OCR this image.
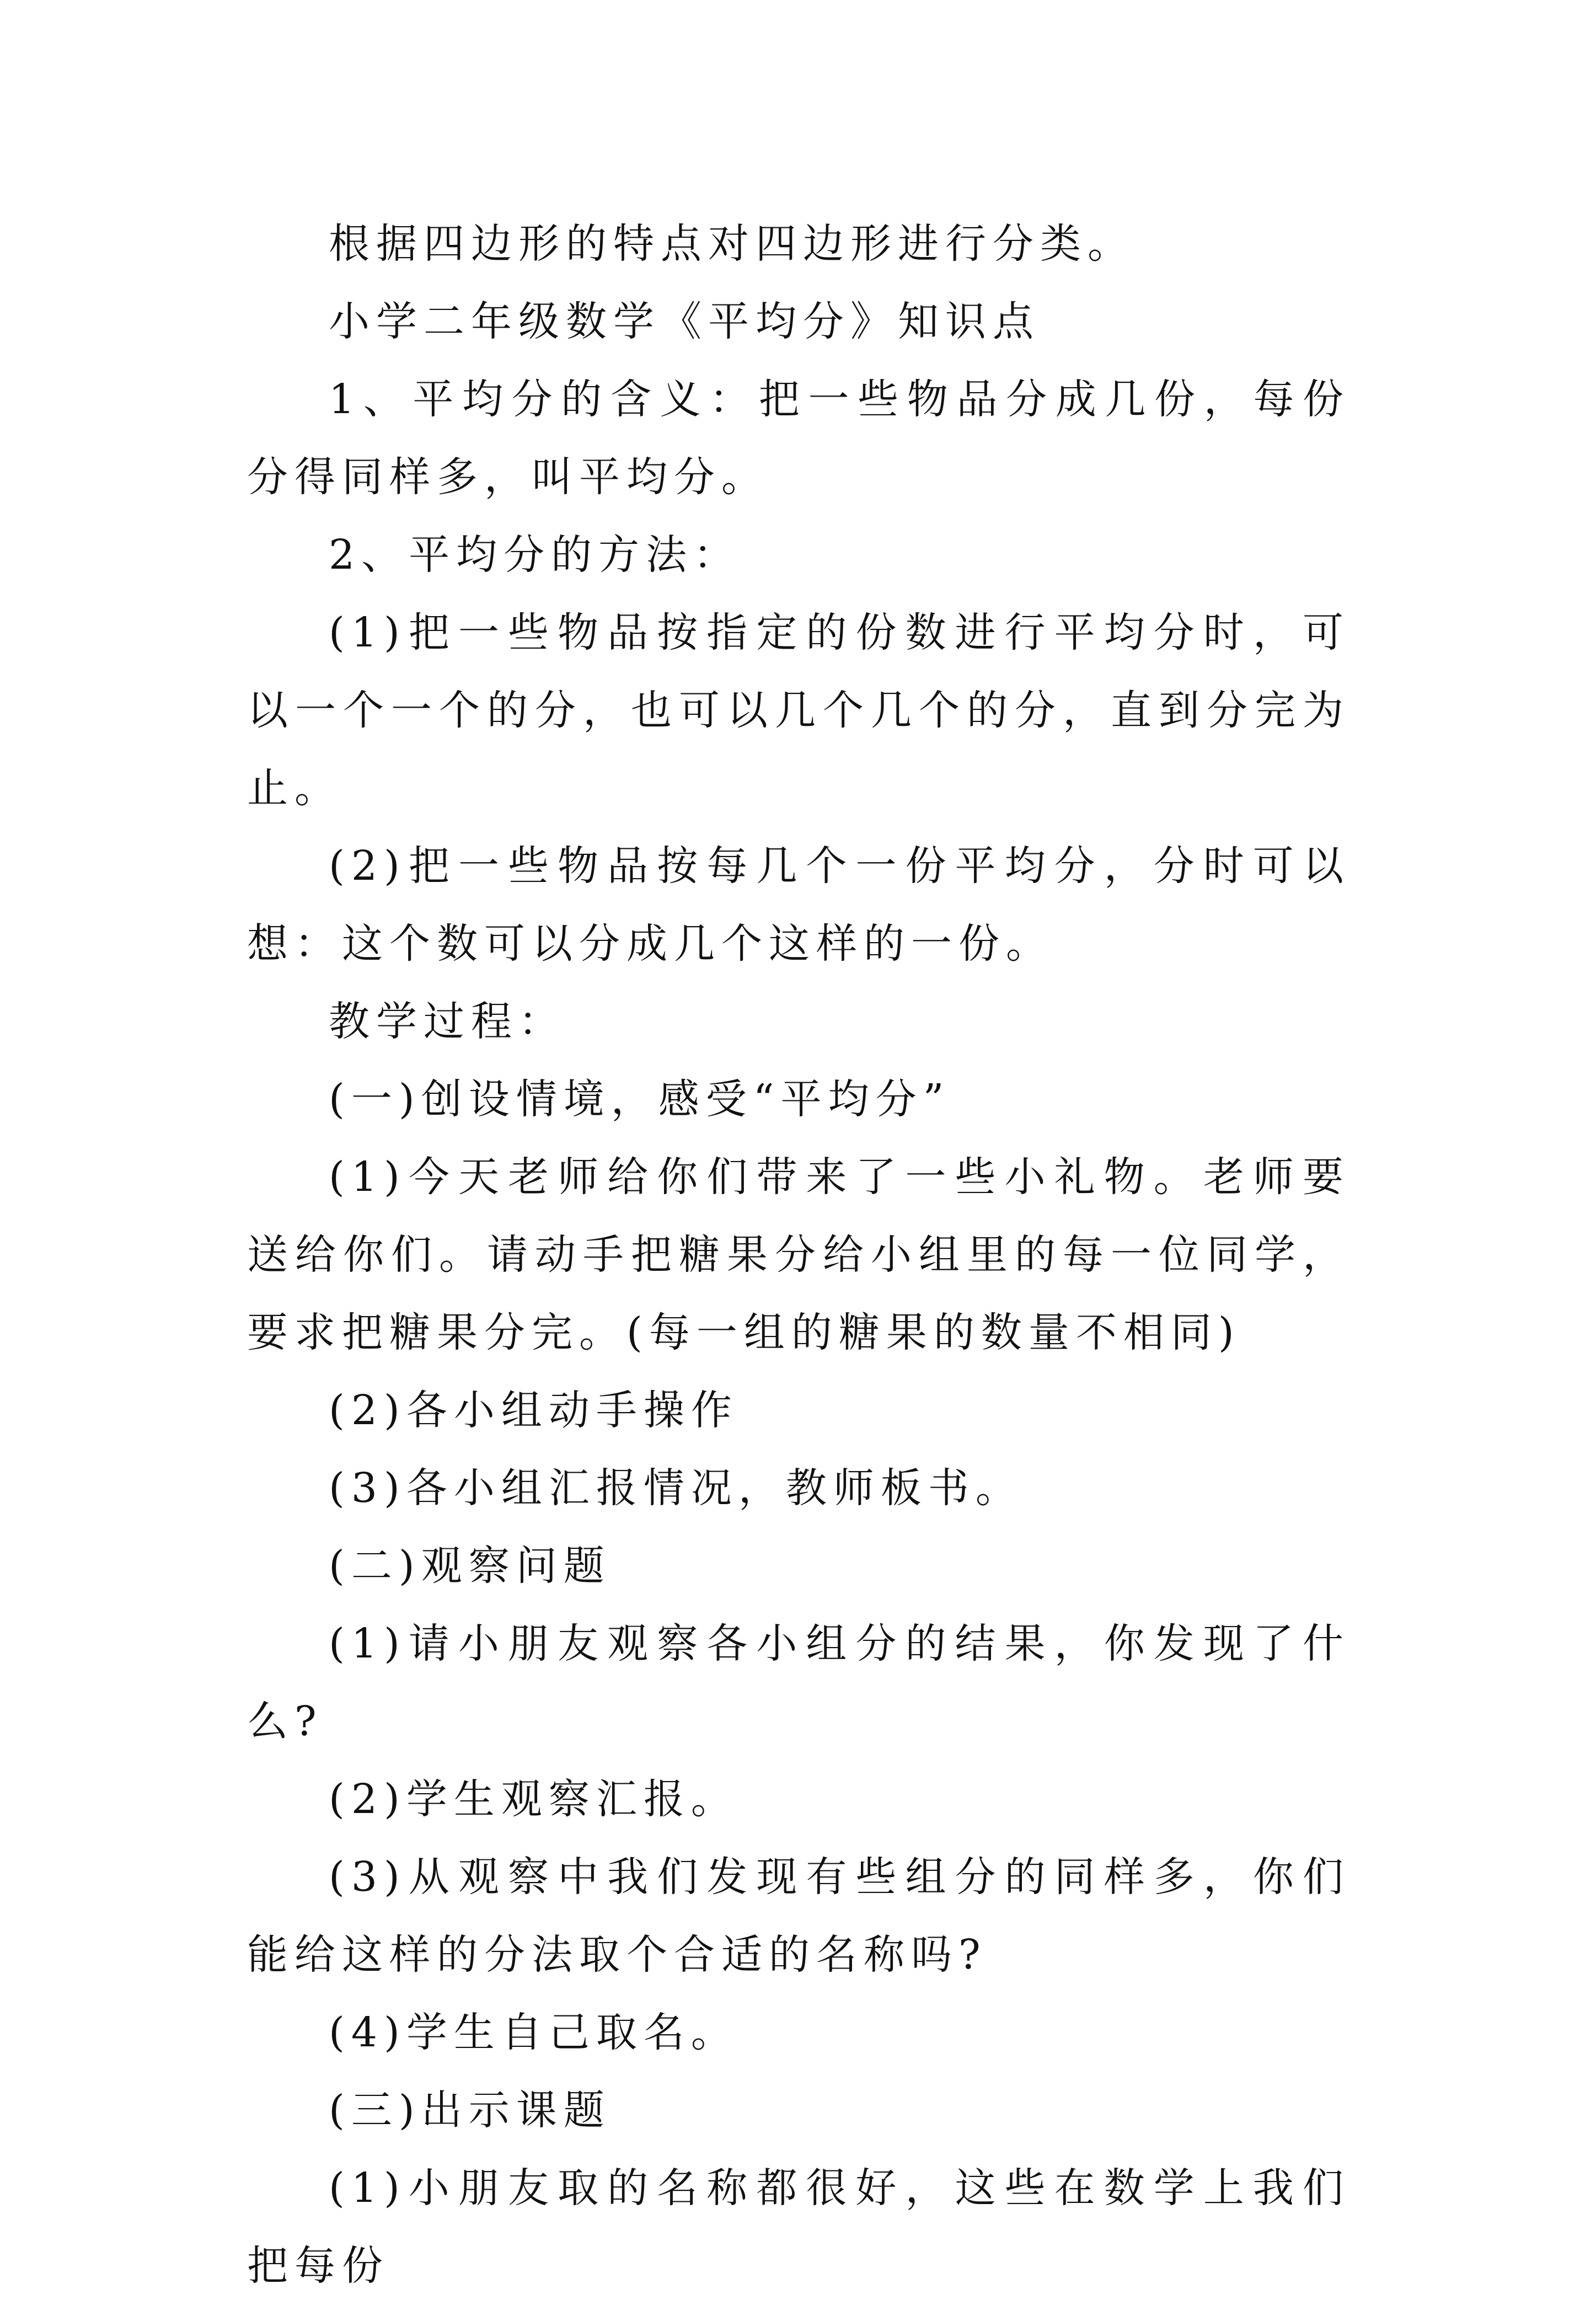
根据四边形的特点对四边形进行分类。

小学二年级数学《平均分》知识点

1、平均分的含义：把一些物品分成几份，每份分得同样多，叫平均分。

2、平均分的方法：

(1)把一些物品按指定的份数进行平均分时，可以一个一个的分，也可以几个几个的分，直到分完为止。

(2)把一些物品按每几个一份平均分，分时可以想：这个数可以分成几个这样的一份。

教学过程：

(一)创设情境，感受“平均分”

(1)今天老师给你们带来了一些小礼物。老师要送给你们。请动手把糖果分给小组里的每一位同学，要求把糖果分完。(每一组的糖果的数量不相同)

(2)各小组动手操作

(3)各小组汇报情况，教师板书。

(二)观察问题

(1)请小朋友观察各小组分的结果，你发现了什么?

(2)学生观察汇报。

(3)从观察中我们发现有些组分的同样多，你们能给这样的分法取个合适的名称吗?

(4)学生自己取名。

(三)出示课题

(1)小朋友取的名称都很好，这些在数学上我们把每份
